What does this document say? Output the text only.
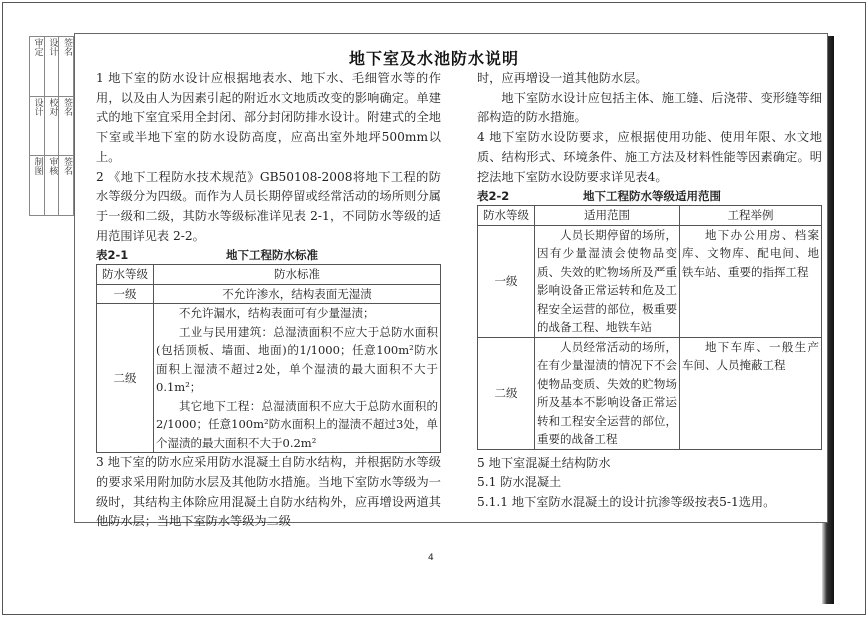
审定	设计	签名
设计	校对	签名
制图	审核	签名
地下室及水池防水说明

1 地下室的防水设计应根据地表水、地下水、毛细管水等的作用，以及由人为因素引起的附近水文地质改变的影响确定。单建式的地下室宜采用全封闭、部分封闭防排水设计。附建式的全地下室或半地下室的防水设防高度，应高出室外地坪500mm以上。

2 《地下工程防水技术规范》GB50108-2008将地下工程的防水等级分为四级。而作为人员长期停留或经常活动的场所则分属于一级和二级，其防水等级标准详见表 2-1，不同防水等级的适用范围详见表 2-2。

表2-1	地下工程防水标准
防水等级	防水标准
一级	不允许渗水，结构表面无湿渍
二级	不允许漏水，结构表面可有少量湿渍；

工业与民用建筑：总湿渍面积不应大于总防水面积(包括顶板、墙面、地面)的1/1000；任意100m²防水面积上湿渍不超过2处，单个湿渍的最大面积不大于0.1m²；

其它地下工程：总湿渍面积不应大于总防水面积的2/1000；任意100m²防水面积上的湿渍不超过3处，单个湿渍的最大面积不大于0.2m²

3 地下室的防水应采用防水混凝土自防水结构，并根据防水等级的要求采用附加防水层及其他防水措施。当地下室防水等级为一级时，其结构主体除应用混凝土自防水结构外，应再增设两道其他防水层；当地下室防水等级为二级

时，应再增设一道其他防水层。

地下室防水设计应包括主体、施工缝、后浇带、变形缝等细部构造的防水措施。

4 地下室防水设防要求，应根据使用功能、使用年限、水文地质、结构形式、环境条件、施工方法及材料性能等因素确定。明挖法地下室防水设防要求详见表4。

表2-2	地下工程防水等级适用范围
防水等级	适用范围	工程举例
一级	人员长期停留的场所，因有少量湿渍会使物品变质、失效的贮物场所及严重影响设备正常运转和危及工程安全运营的部位，极重要的战备工程、地铁车站	地下办公用房、档案库、文物库、配电间、地铁车站、重要的指挥工程

二级	人员经常活动的场所，在有少量湿渍的情况下不会使物品变质、失效的贮物场所及基本不影响设备正常运转和工程安全运营的部位，重要的战备工程	地下车库、一般生产车间、人员掩蔽工程

5 地下室混凝土结构防水

5.1 防水混凝土

5.1.1 地下室防水混凝土的设计抗渗等级按表5-1选用。

4
